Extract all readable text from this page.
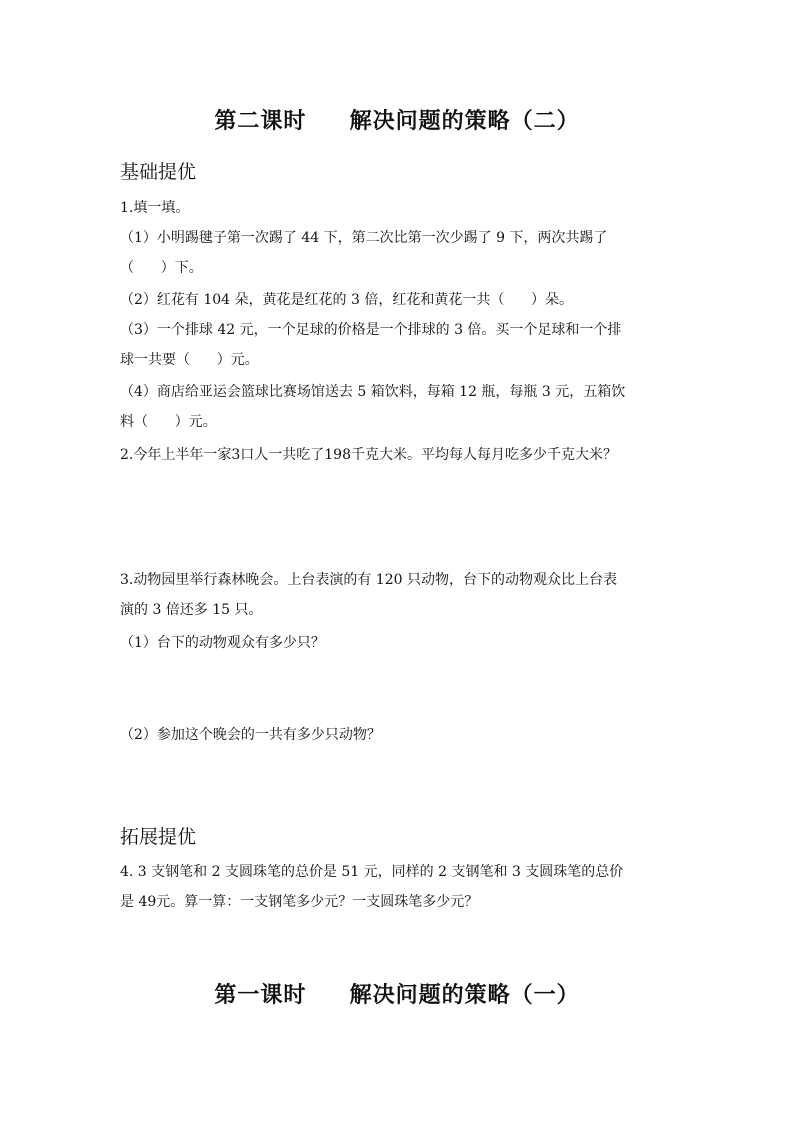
第二课时     解决问题的策略（二）
基础提优
1.填一填。
（1）小明踢毽子第一次踢了 44 下，第二次比第一次少踢了 9 下，两次共踢了
（      ）下。
（2）红花有 104 朵，黄花是红花的 3 倍，红花和黄花一共（      ）朵。
（3）一个排球 42 元，一个足球的价格是一个排球的 3 倍。买一个足球和一个排
球一共要（      ）元。
（4）商店给亚运会篮球比赛场馆送去 5 箱饮料，每箱 12 瓶，每瓶 3 元，五箱饮
料（      ）元。
2.今年上半年一家3口人一共吃了198千克大米。平均每人每月吃多少千克大米？
3.动物园里举行森林晚会。上台表演的有 120 只动物，台下的动物观众比上台表
演的 3 倍还多 15 只。
（1）台下的动物观众有多少只？
（2）参加这个晚会的一共有多少只动物？
拓展提优
4. 3 支钢笔和 2 支圆珠笔的总价是 51 元，同样的 2 支钢笔和 3 支圆珠笔的总价
是 49元。算一算：一支钢笔多少元？一支圆珠笔多少元？
第一课时     解决问题的策略（一）
